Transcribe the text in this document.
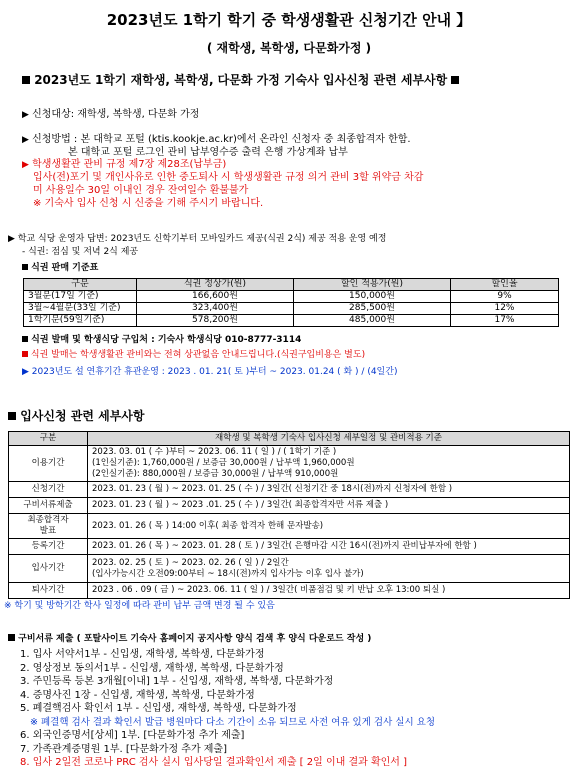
2023년도 1학기 학기 중 학생생활관 신청기간 안내 】
( 재학생, 복학생, 다문화가정 )
2023년도 1학기 재학생, 복학생, 다문화 가정 기숙사 입사신청 관련 세부사항
▶ 신청대상: 재학생, 복학생, 다문화 가정
▶ 신청방법 : 본 대학교 포털 (ktis.kookje.ac.kr)에서 온라인 신청자 중 최종합격자 한함.
본 대학교 포털 로그인 관비 납부영수증 출력 은행 가상계좌 납부
▶ 학생생활관 관비 규정 제7장 제28조(납부금)
입사(전)포기 및 개인사유로 인한 중도퇴사 시 학생생활관 규정 의거 관비 3할 위약금 차감
미 사용일수 30일 이내인 경우 잔여일수 환불불가
※ 기숙사 입사 신청 시 신중을 기해 주시기 바랍니다.
▶ 학교 식당 운영자 답변: 2023년도 신학기부터 모바일카드 제공(식권 2식) 제공 적용 운영 예정
- 식권: 점심 및 저녁 2식 제공
식권 판매 기준표
구분	식권 정상가(원)	할인 적용가(원)	할인율
3월분(17일 기준)	166,600원	150,000원	9%
3월~4월분(33일 기준)	323,400원	285,500원	12%
1학기분(59일기준)	578,200원	485,000원	17%
식권 발매 및 학생식당 구입처 : 기숙사 학생식당 010-8777-3114
식권 발매는 학생생활관 관비와는 전혀 상관없음 안내드립니다.(식권구입비용은 별도)
▶ 2023년도 설 연휴기간 휴관운영 : 2023 . 01. 21( 토 )부터 ~ 2023. 01.24 ( 화 ) / (4일간)
입사신청 관련 세부사항
구분	재학생 및 복학생 기숙사 입사신청 세부일정 및 관비적용 기준
이용기간	2023. 03. 01 ( 수 )부터 ~ 2023. 06. 11 ( 일 ) / ( 1학기 기준 )
(1인실기준): 1,760,000원 / 보증금 30,000원 / 납부액 1,960,000원
(2인실기준): 880,000원 / 보증금 30,000원 / 납부액 910,000원

신청기간	2023. 01. 23 ( 월 ) ~ 2023. 01. 25 ( 수 ) / 3일간( 신청기간 중 18시(전)까지 신청자에 한함 )
구비서류제출	2023. 01. 23 ( 월 ) ~ 2023 .01. 25 ( 수 ) / 3일간( 최종합격자만 서류 제출 )
최종합격자
발표	2023. 01. 26 ( 목 ) 14:00 이후( 최종 합격자 한해 문자발송)
등록기간	2023. 01. 26 ( 목 ) ~ 2023. 01. 28 ( 토 ) / 3일간( 은행마감 시간 16시(전)까지 관비납부자에 한함 )
입사기간	2023. 02. 25 ( 토 ) ~ 2023. 02. 26 ( 일 ) / 2일간
(입사가능시간 오전09:00부터 ~ 18시(전)까지 입사가능 이후 입사 불가)

퇴사기간	2023 . 06 . 09 ( 금 ) ~ 2023. 06. 11 ( 일 ) / 3일간( 비품점검 및 키 반납 오후 13:00 퇴실 )
※ 학기 및 방학기간 학사 일정에 따라 관비 납부 금액 변경 될 수 있음
구비서류 제출 ( 포탈사이트 기숙사 홈페이지 공지사항 양식 검색 후 양식 다운로드 작성 )
1. 입사 서약서1부 - 신입생, 재학생, 복학생, 다문화가정
2. 영상정보 동의서1부 - 신입생, 재학생, 복학생, 다문화가정
3. 주민등록 등본 3개월[이내] 1부 - 신입생, 재학생, 복학생, 다문화가정
4. 증명사진 1장 - 신입생, 재학생, 복학생, 다문화가정
5. 폐결핵검사 확인서 1부 - 신입생, 재학생, 복학생, 다문화가정
※ 폐결핵 검사 결과 확인서 발급 병원마다 다소 기간이 소유 되므로 사전 여유 있게 검사 실시 요청
6. 외국인증명서[상세] 1부. [다문화가정 추가 제출]
7. 가족관계증명원 1부. [다문화가정 추가 제출]
8. 입사 2일전 코로나 PRC 검사 실시 입사당일 결과확인서 제출 [ 2일 이내 결과 확인서 ]
